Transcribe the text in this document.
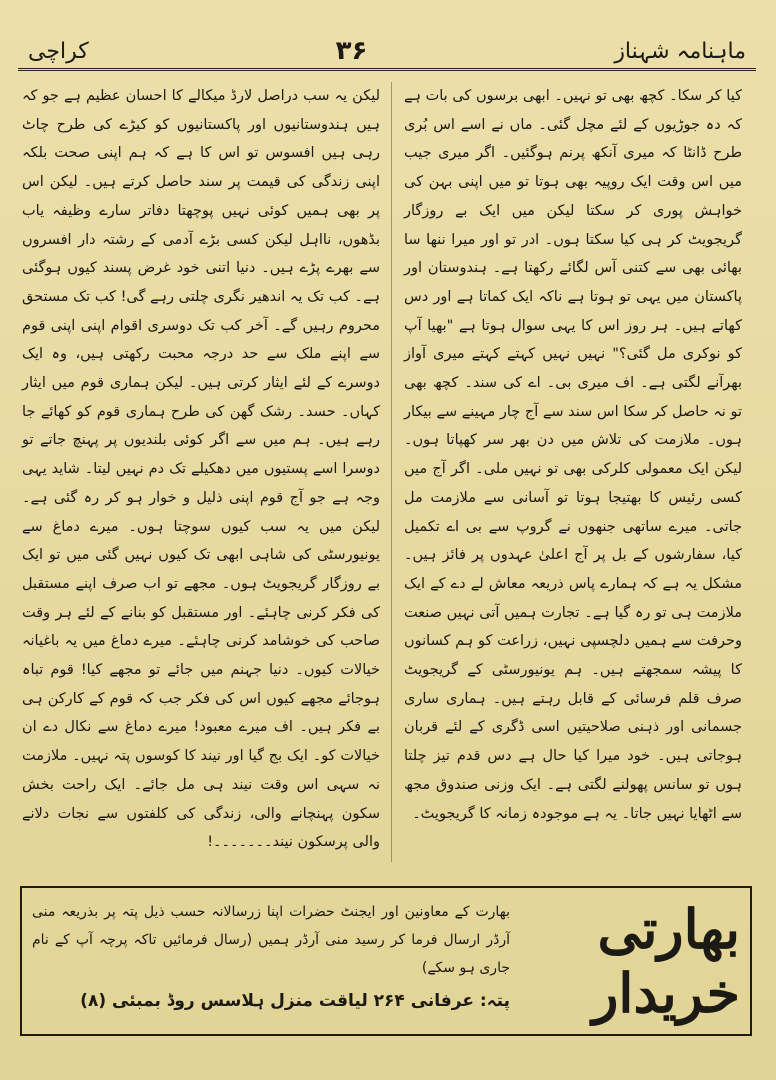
ماہنامہ شہناز
۳۶
کراچی

کیا کر سکا۔ کچھ بھی تو نہیں۔ ابھی برسوں کی بات ہے کہ دہ جوڑیوں کے لئے مچل گئی۔ ماں نے اسے اس بُری طرح ڈانٹا کہ میری آنکھ پرنم ہوگئیں۔ اگر میری جیب میں اس وقت ایک روپیہ بھی ہوتا تو میں اپنی بہن کی خواہش پوری کر سکتا لیکن میں ایک بے روزگار گریجویٹ کر ہی کیا سکتا ہوں۔ ادر تو اور میرا ننھا سا بھائی بھی سے کتنی آس لگائے رکھتا ہے۔ ہندوستان اور پاکستان میں یہی تو ہوتا ہے ناکہ ایک کماتا ہے اور دس کھاتے ہیں۔ ہر روز اس کا یہی سوال ہوتا ہے "بھیا آپ کو نوکری مل گئی؟" نہیں نہیں کہتے کہتے میری آواز بھرآنے لگتی ہے۔ اف میری بی۔ اے کی سند۔ کچھ بھی تو نہ حاصل کر سکا اس سند سے آج چار مہینے سے بیکار ہوں۔ ملازمت کی تلاش میں دن بھر سر کھپاتا ہوں۔ لیکن ایک معمولی کلرکی بھی تو نہیں ملی۔ اگر آج میں کسی رئیس کا بھتیجا ہوتا تو آسانی سے ملازمت مل جاتی۔ میرے ساتھی جنھوں نے گروپ سے بی اے تکمیل کیا، سفارشوں کے بل پر آج اعلیٰ عہدوں پر فائز ہیں۔ مشکل یہ ہے کہ ہمارے پاس ذریعہ معاش لے دے کے ایک ملازمت ہی تو رہ گیا ہے۔ تجارت ہمیں آتی نہیں صنعت وحرفت سے ہمیں دلچسپی نہیں، زراعت کو ہم کسانوں کا پیشہ سمجھتے ہیں۔ ہم یونیورسٹی کے گریجویٹ صرف قلم فرسائی کے قابل رہتے ہیں۔ ہماری ساری جسمانی اور ذہنی صلاحیتیں اسی ڈگری کے لئے قربان ہوجاتی ہیں۔ خود میرا کیا حال ہے دس قدم تیز چلتا ہوں تو سانس پھولنے لگتی ہے۔ ایک وزنی صندوق مجھ سے اٹھایا نہیں جاتا۔ یہ ہے موجودہ زمانہ کا گریجویٹ۔

لیکن یہ سب دراصل لارڈ میکالے کا احسان عظیم ہے جو کہ ہیں ہندوستانیوں اور پاکستانیوں کو کیڑے کی طرح چاٹ رہی ہیں افسوس تو اس کا ہے کہ ہم اپنی صحت بلکہ اپنی زندگی کی قیمت پر سند حاصل کرتے ہیں۔ لیکن اس پر بھی ہمیں کوئی نہیں پوچھتا دفاتر سارے وظیفہ یاب بڈھوں، نااہل لیکن کسی بڑے آدمی کے رشتہ دار افسروں سے بھرے پڑے ہیں۔ دنیا اتنی خود غرض پسند کیوں ہوگئی ہے۔ کب تک یہ اندھیر نگری چلتی رہے گی! کب تک مستحق محروم رہیں گے۔ آخر کب تک دوسری اقوام اپنی اپنی قوم سے اپنے ملک سے حد درجہ محبت رکھتی ہیں، وہ ایک دوسرے کے لئے ایثار کرتی ہیں۔ لیکن ہماری قوم میں ایثار کہاں۔ حسد۔ رشک گھن کی طرح ہماری قوم کو کھائے جا رہے ہیں۔ ہم میں سے اگر کوئی بلندیوں پر پہنچ جاتے تو دوسرا اسے پستیوں میں دھکیلے تک دم نہیں لیتا۔ شاید یہی وجہ ہے جو آج قوم اپنی ذلیل و خوار ہو کر رہ گئی ہے۔ لیکن میں یہ سب کیوں سوچتا ہوں۔ میرے دماغ سے یونیورسٹی کی شاہی ابھی تک کیوں نہیں گئی میں تو ایک بے روزگار گریجویٹ ہوں۔ مجھے تو اب صرف اپنے مستقبل کی فکر کرنی چاہئے۔ اور مستقبل کو بنانے کے لئے ہر وقت صاحب کی خوشامد کرنی چاہئے۔ میرے دماغ میں یہ باغیانہ خیالات کیوں۔ دنیا جہنم میں جائے تو مجھے کیا! قوم تباہ ہوجائے مجھے کیوں اس کی فکر جب کہ قوم کے کارکن ہی بے فکر ہیں۔ اف میرے معبود! میرے دماغ سے نکال دے ان خیالات کو۔ ایک بج گیا اور نیند کا کوسوں پتہ نہیں۔ ملازمت نہ سہی اس وقت نیند ہی مل جائے۔ ایک راحت بخش سکون پہنچانے والی، زندگی کی کلفتوں سے نجات دلانے والی پرسکون نیند۔۔۔۔۔۔۔!

بھارتی خریدار
بھارت کے معاونین اور ایجنٹ حضرات اپنا زرسالانہ حسب ذیل پتہ پر بذریعہ منی آرڈر ارسال فرما کر رسید منی آرڈر ہمیں (رسال فرمائیں تاکہ پرچہ آپ کے نام جاری ہو سکے)
پتہ: عرفانی ۲۶۴ لیاقت منزل ہلاسس روڈ بمبئی (۸)
